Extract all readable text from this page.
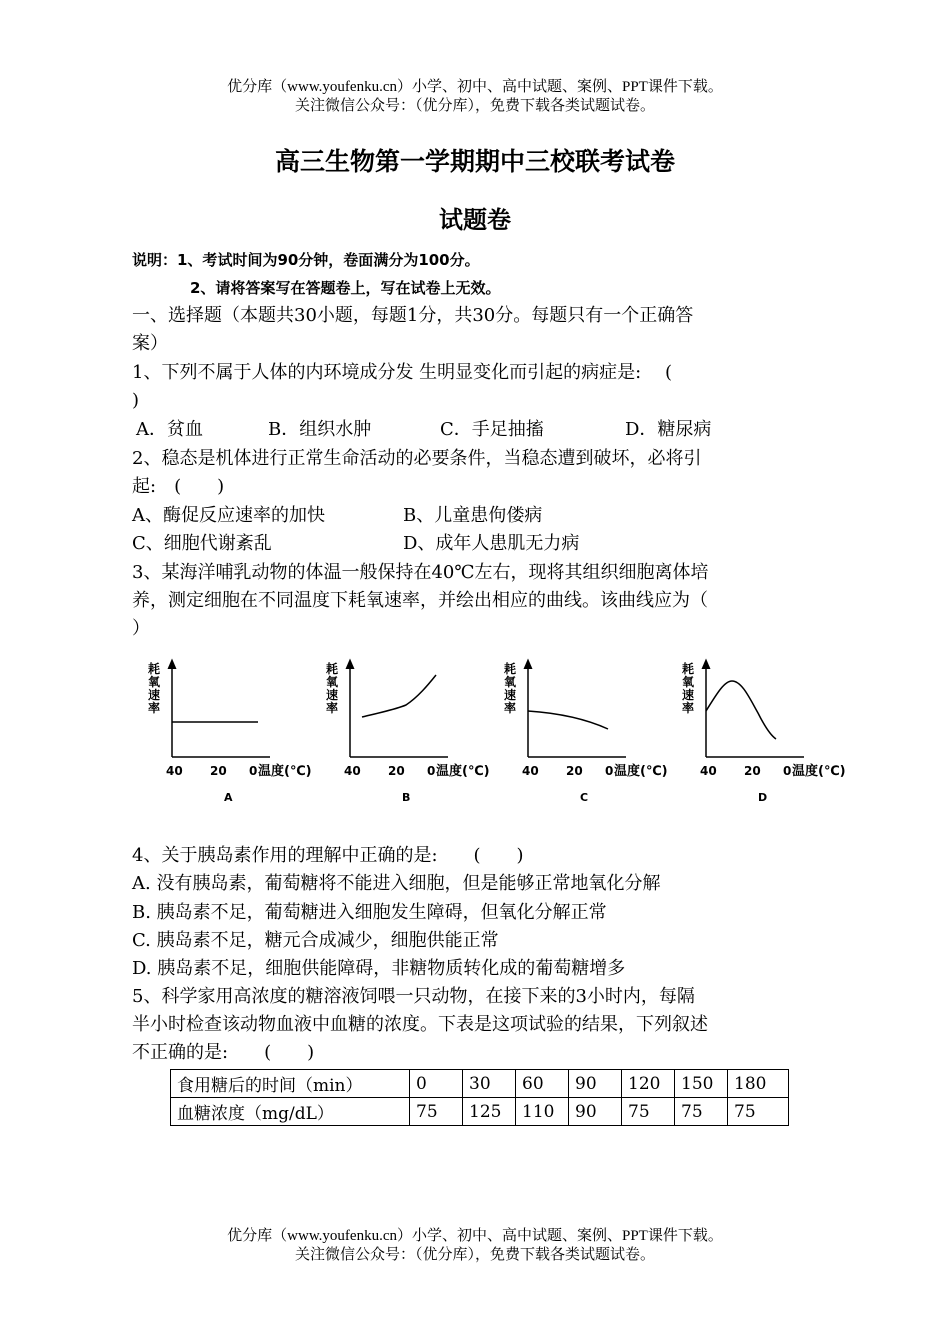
优分库（www.youfenku.cn）小学、初中、高中试题、案例、PPT课件下载。
关注微信公众号：（优分库），免费下载各类试题试卷。
高三生物第一学期期中三校联考试卷
试题卷
说明：1、考试时间为90分钟，卷面满分为100分。
2、请将答案写在答题卷上，写在试卷上无效。
一、选择题（本题共30小题，每题1分，共30分。每题只有一个正确答
案）
1、下列不属于人体的内环境成分发 生明显变化而引起的病症是:　 (
)
A．贫血	B．组织水肿	C．手足抽搐	D．糖尿病
2、稳态是机体进行正常生命活动的必要条件，当稳态遭到破坏，必将引
起:　(　　)
A、酶促反应速率的加快	B、儿童患佝偻病
C、细胞代谢紊乱	D、成年人患肌无力病
3、某海洋哺乳动物的体温一般保持在40℃左右，现将其组织细胞离体培
养，测定细胞在不同温度下耗氧速率，并绘出相应的曲线。该曲线应为（
）
耗
氧
速
率
40 20 0 温度(℃)
A
耗
氧
速
率
40 20 0 温度(℃)
B
耗
氧
速
率
40 20 0 温度(℃)
C
耗
氧
速
率
40 20 0 温度(℃)
D
4、关于胰岛素作用的理解中正确的是:　　(　　)
A. 没有胰岛素，葡萄糖将不能进入细胞，但是能够正常地氧化分解
B. 胰岛素不足，葡萄糖进入细胞发生障碍，但氧化分解正常
C. 胰岛素不足，糖元合成减少，细胞供能正常
D. 胰岛素不足，细胞供能障碍，非糖物质转化成的葡萄糖增多
5、科学家用高浓度的糖溶液饲喂一只动物，在接下来的3小时内，每隔
半小时检查该动物血液中血糖的浓度。下表是这项试验的结果，下列叙述
不正确的是:　　(　　)
食用糖后的时间（min）	0	30	60	90	120	150	180
血糖浓度（mg/dL）	75	125	110	90	75	75	75
优分库（www.youfenku.cn）小学、初中、高中试题、案例、PPT课件下载。
关注微信公众号：（优分库），免费下载各类试题试卷。
